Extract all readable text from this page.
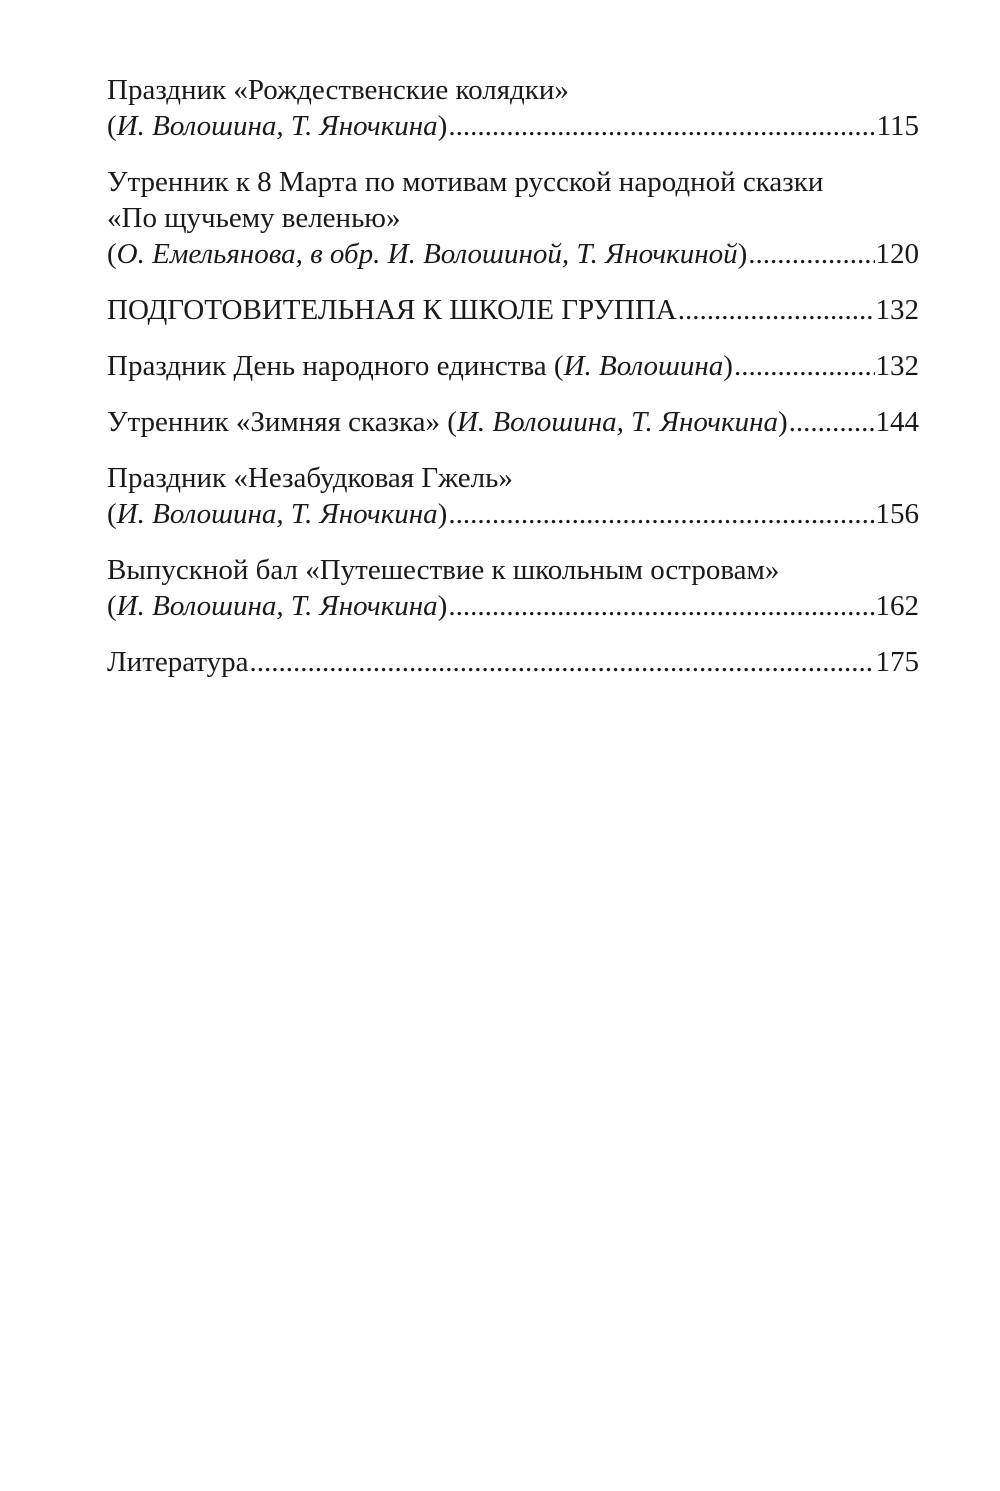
Праздник «Рождественские колядки»
(И. Волошина, Т. Яночкина) .....	115
Утренник к 8 Марта по мотивам русской народной сказки
«По щучьему веленью»
(О. Емельянова, в обр. И. Волошиной, Т. Яночкиной) .....	120
ПОДГОТОВИТЕЛЬНАЯ К ШКОЛЕ ГРУППА .....	132
Праздник День народного единства (И. Волошина) .....	132
Утренник «Зимняя сказка» (И. Волошина, Т. Яночкина) .....	144
Праздник «Незабудковая Гжель»
(И. Волошина, Т. Яночкина) .....	156
Выпускной бал «Путешествие к школьным островам»
(И. Волошина, Т. Яночкина) .....	162
Литература .....	175
